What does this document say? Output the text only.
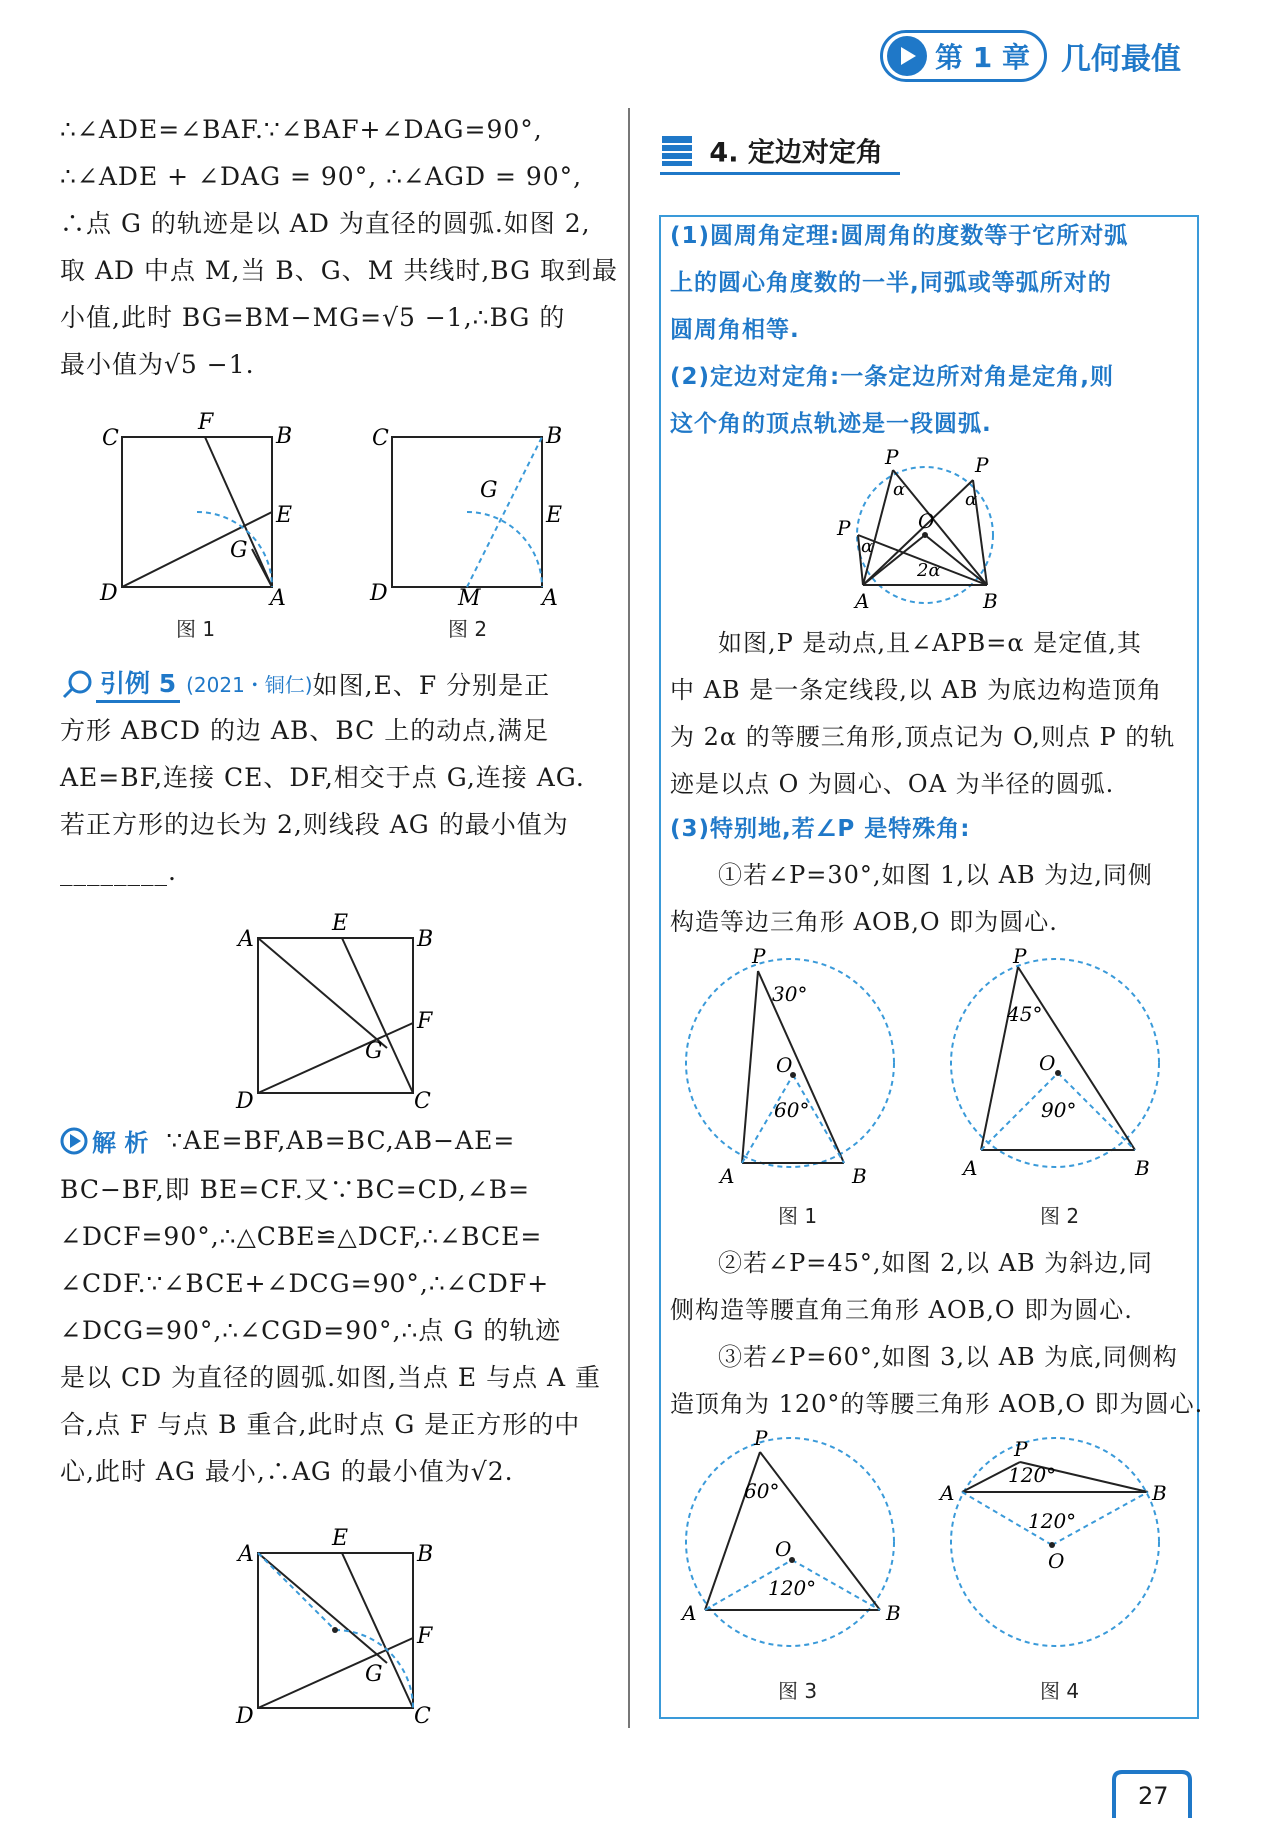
第 1 章 几何最值

∴∠ADE=∠BAF.∵∠BAF+∠DAG=90°,

∴∠ADE + ∠DAG = 90°, ∴∠AGD = 90°,

∴点 G 的轨迹是以 AD 为直径的圆弧.如图 2,

取 AD 中点 M,当 B、G、M 共线时,BG 取到最

小值,此时 BG=BM−MG=√5 −1,∴BG 的

最小值为√5 −1.

C
F
B
E
G
D	A
图 1
C	B
E
G
D	M	A
图 2
引例 5 (2021・铜仁) 如图,E、F 分别是正

方形 ABCD 的边 AB、BC 上的动点,满足

AE=BF,连接 CE、DF,相交于点 G,连接 AG.

若正方形的边长为 2,则线段 AG 的最小值为

________.

A
E
B
F
G
D	C
解 析 ∵AE=BF,AB=BC,AB−AE=

BC−BF,即 BE=CF.又∵BC=CD,∠B=

∠DCF=90°,∴△CBE≌△DCF,∴∠BCE=

∠CDF.∵∠BCE+∠DCG=90°,∴∠CDF+

∠DCG=90°,∴∠CGD=90°,∴点 G 的轨迹

是以 CD 为直径的圆弧.如图,当点 E 与点 A 重

合,点 F 与点 B 重合,此时点 G 是正方形的中

心,此时 AG 最小,∴AG 的最小值为√2.

A
E
B
F
G
D	C
4. 定边对定角

(1)圆周角定理:圆周角的度数等于它所对弧

上的圆心角度数的一半,同弧或等弧所对的

圆周角相等.

(2)定边对定角:一条定边所对角是定角,则

这个角的顶点轨迹是一段圆弧.

P	P
P	O
A	B
α	α
α
2α

如图,P 是动点,且∠APB=α 是定值,其

中 AB 是一条定线段,以 AB 为底边构造顶角

为 2α 的等腰三角形,顶点记为 O,则点 P 的轨

迹是以点 O 为圆心、OA 为半径的圆弧.

(3)特别地,若∠P 是特殊角:

①若∠P=30°,如图 1,以 AB 为边,同侧

构造等边三角形 AOB,O 即为圆心.

P
30°
O
60°
A	B
图 1
P
45°
O
90°
A	B
图 2

②若∠P=45°,如图 2,以 AB 为斜边,同

侧构造等腰直角三角形 AOB,O 即为圆心.

③若∠P=60°,如图 3,以 AB 为底,同侧构

造顶角为 120°的等腰三角形 AOB,O 即为圆心.

P
60°
O
120°
A	B
图 3
P
120°
120°
O
A	B
图 4
27
